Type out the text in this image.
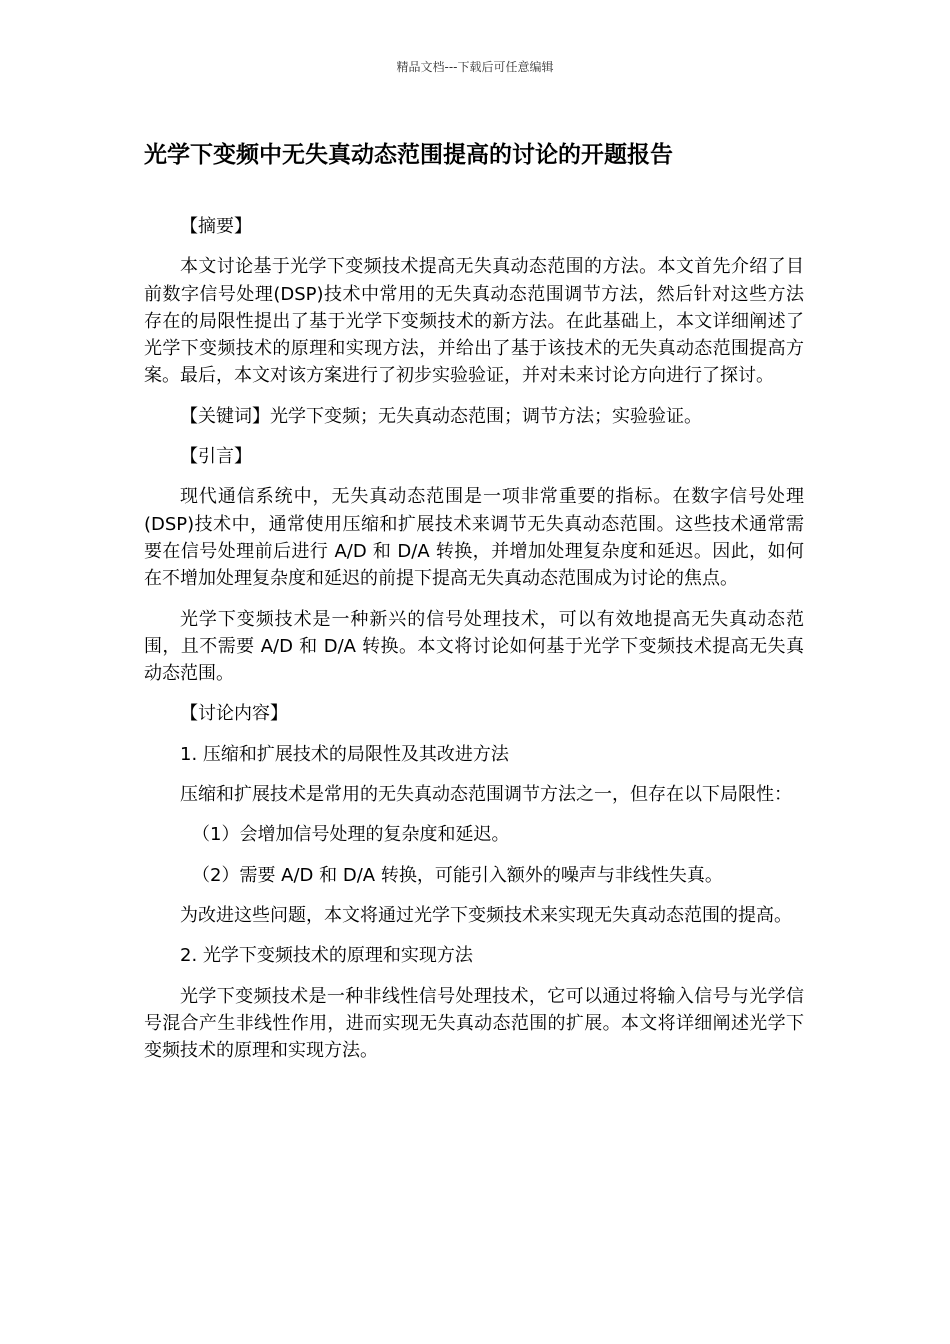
精品文档---下载后可任意编辑
光学下变频中无失真动态范围提高的讨论的开题报告

【摘要】

本文讨论基于光学下变频技术提高无失真动态范围的方法。本文首先介绍了目前数字信号处理(DSP)技术中常用的无失真动态范围调节方法，然后针对这些方法存在的局限性提出了基于光学下变频技术的新方法。在此基础上，本文详细阐述了光学下变频技术的原理和实现方法，并给出了基于该技术的无失真动态范围提高方案。最后，本文对该方案进行了初步实验验证，并对未来讨论方向进行了探讨。

【关键词】光学下变频；无失真动态范围；调节方法；实验验证。

【引言】

现代通信系统中，无失真动态范围是一项非常重要的指标。在数字信号处理(DSP)技术中，通常使用压缩和扩展技术来调节无失真动态范围。这些技术通常需要在信号处理前后进行 A/D 和 D/A 转换，并增加处理复杂度和延迟。因此，如何在不增加处理复杂度和延迟的前提下提高无失真动态范围成为讨论的焦点。

光学下变频技术是一种新兴的信号处理技术，可以有效地提高无失真动态范围，且不需要 A/D 和 D/A 转换。本文将讨论如何基于光学下变频技术提高无失真动态范围。

【讨论内容】

1. 压缩和扩展技术的局限性及其改进方法

压缩和扩展技术是常用的无失真动态范围调节方法之一，但存在以下局限性：

（1）会增加信号处理的复杂度和延迟。

（2）需要 A/D 和 D/A 转换，可能引入额外的噪声与非线性失真。

为改进这些问题，本文将通过光学下变频技术来实现无失真动态范围的提高。

2. 光学下变频技术的原理和实现方法

光学下变频技术是一种非线性信号处理技术，它可以通过将输入信号与光学信号混合产生非线性作用，进而实现无失真动态范围的扩展。本文将详细阐述光学下变频技术的原理和实现方法。
